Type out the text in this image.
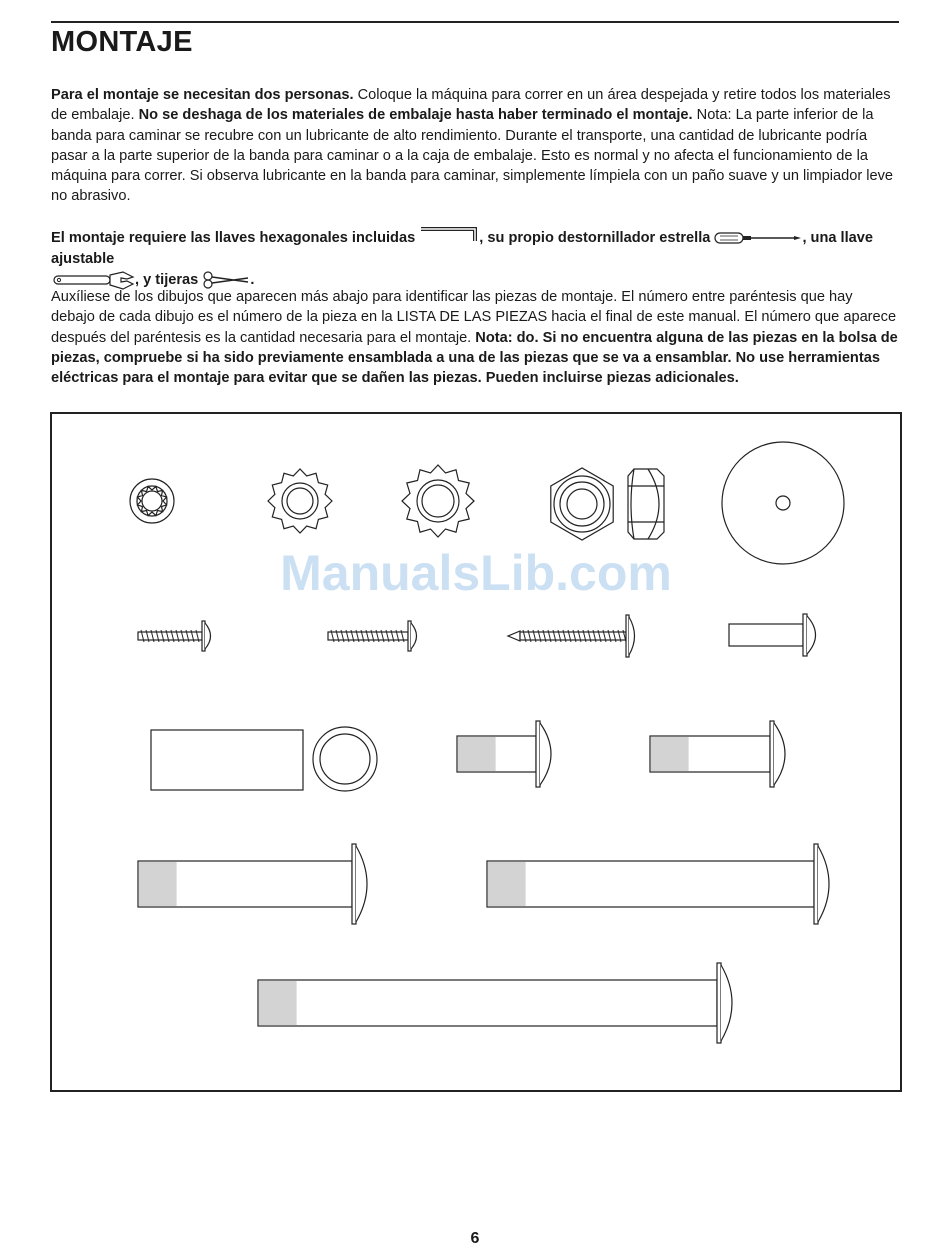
MONTAJE
Para el montaje se necesitan dos personas. Coloque la máquina para correr en un área despejada y retire todos los materiales de embalaje. No se deshaga de los materiales de embalaje hasta haber terminado el montaje. Nota: La parte inferior de la banda para caminar se recubre con un lubricante de alto rendimiento. Durante el transporte, una cantidad de lubricante podría pasar a la parte superior de la banda para caminar o a la caja de embalaje. Esto es normal y no afecta el funcionamiento de la máquina para correr. Si observa lubricante en la banda para caminar, simplemente límpiela con un paño suave y un limpiador leve no abrasivo.
El montaje requiere las llaves hexagonales incluidas	, su propio destornillador estrella	, una llave ajustable
, y tijeras	.
Auxíliese de los dibujos que aparecen más abajo para identificar las piezas de montaje. El número entre paréntesis que hay debajo de cada dibujo es el número de la pieza en la LISTA DE LAS PIEZAS hacia el final de este manual. El número que aparece después del paréntesis es la cantidad necesaria para el montaje. Nota: do. Si no encuentra alguna de las piezas en la bolsa de piezas, compruebe si ha sido previamente ensamblada a una de las piezas que se va a ensamblar. No use herramientas eléctricas para el montaje para evitar que se dañen las piezas. Pueden incluirse piezas adicionales.
ManualsLib.com
6
